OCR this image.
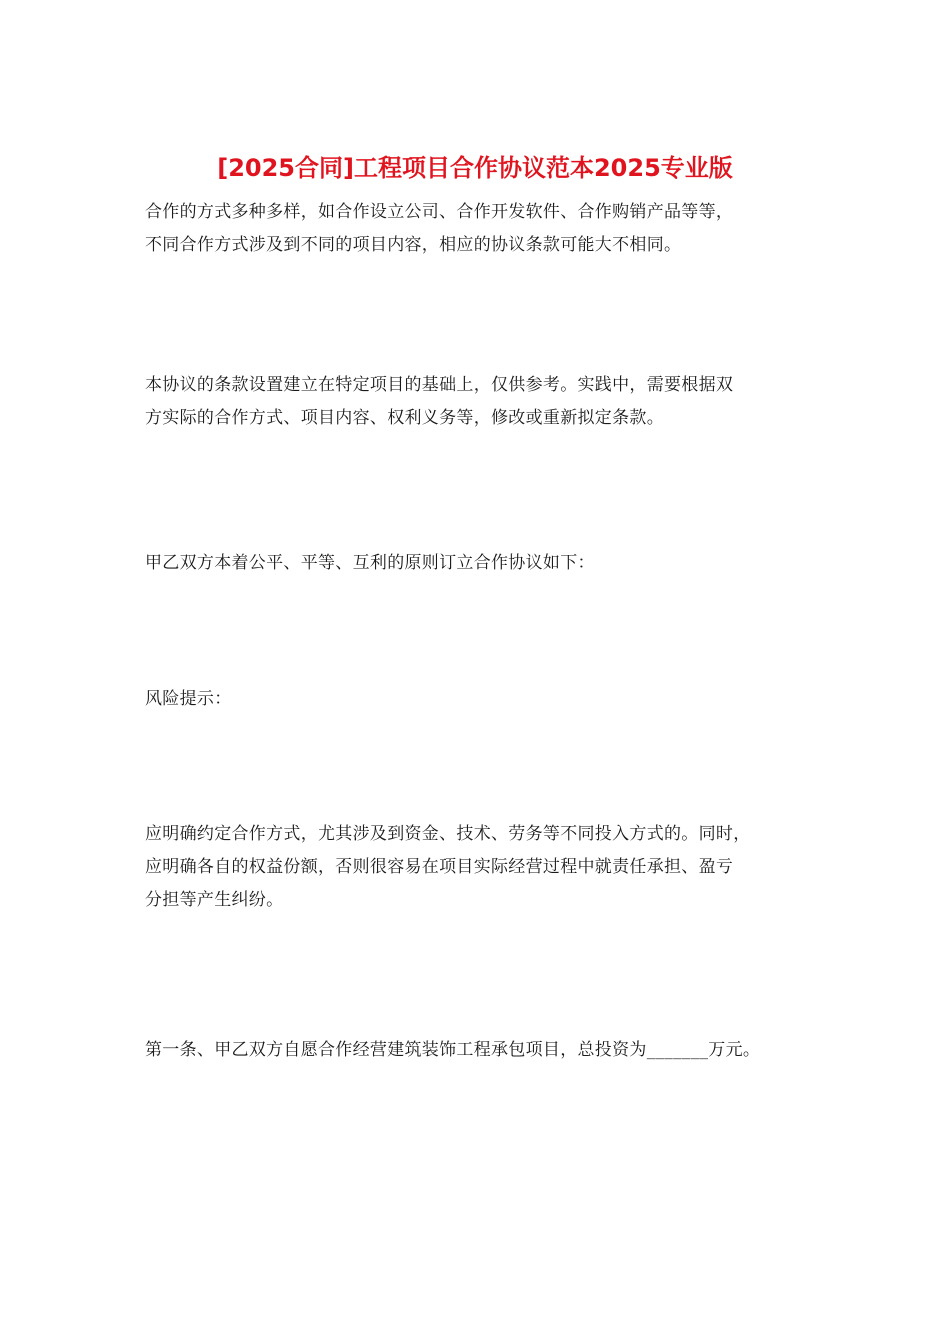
[2025合同]工程项目合作协议范本2025专业版

合作的方式多种多样，如合作设立公司、合作开发软件、合作购销产品等等，
不同合作方式涉及到不同的项目内容，相应的协议条款可能大不相同。

本协议的条款设置建立在特定项目的基础上，仅供参考。实践中，需要根据双
方实际的合作方式、项目内容、权利义务等，修改或重新拟定条款。

甲乙双方本着公平、平等、互利的原则订立合作协议如下：

风险提示：

应明确约定合作方式，尤其涉及到资金、技术、劳务等不同投入方式的。同时，
应明确各自的权益份额，否则很容易在项目实际经营过程中就责任承担、盈亏
分担等产生纠纷。

第一条、甲乙双方自愿合作经营建筑装饰工程承包项目，总投资为_______万元。
